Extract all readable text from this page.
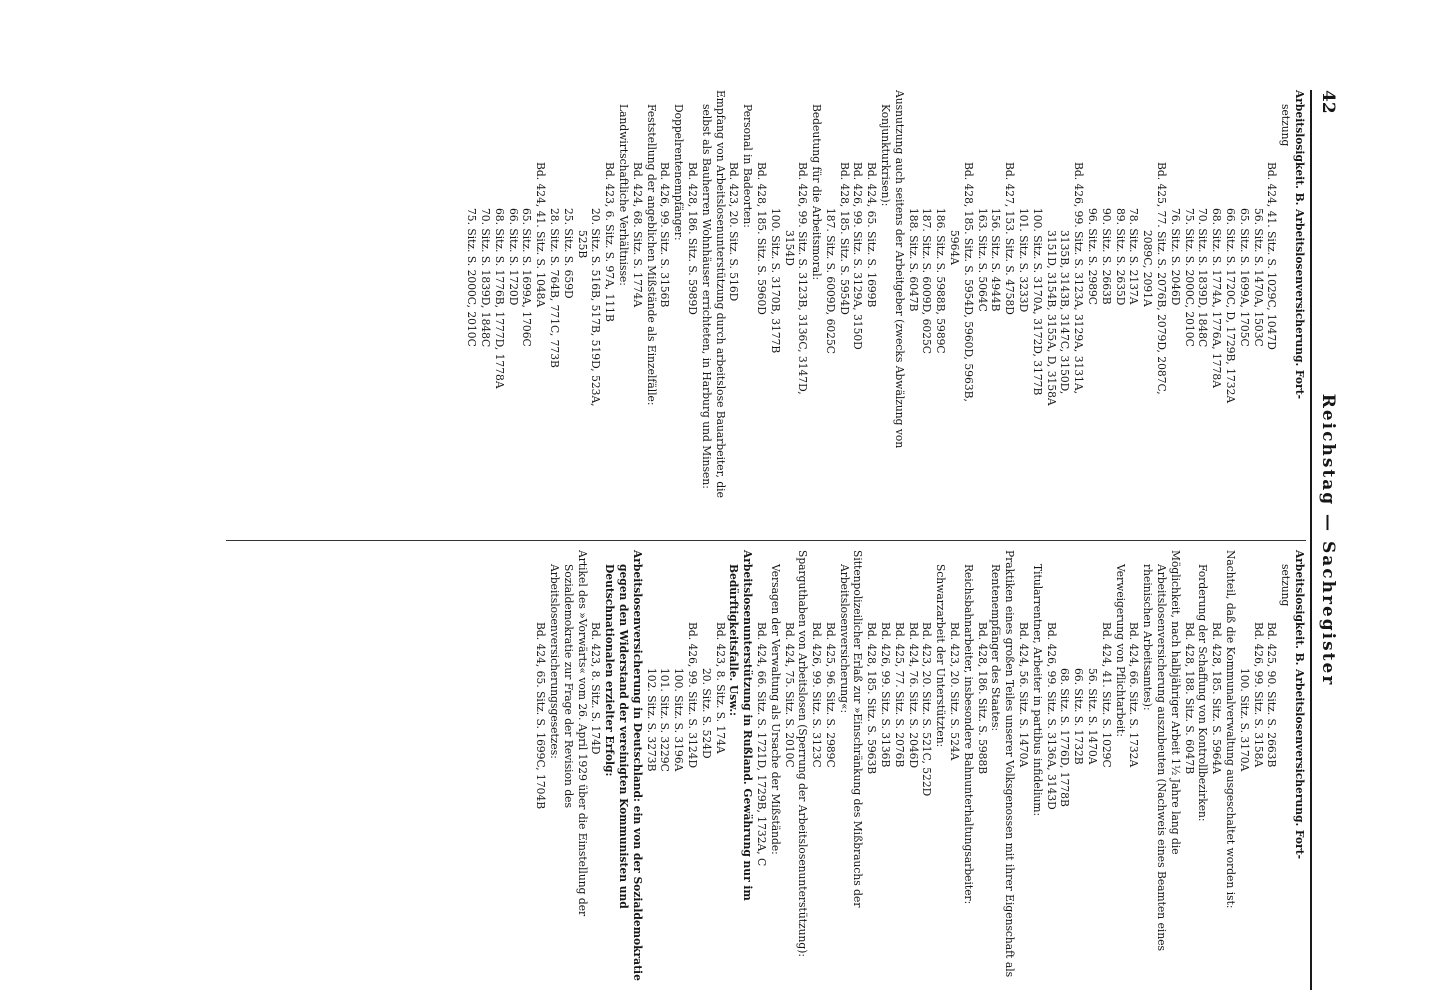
42
Reichstag — Sachregister
Arbeitslosigkeit. B. Arbeitslosenversicherung. Fort-
setzung
Bd. 424, 41. Sitz. S. 1029C, 1047D
56. Sitz. S. 1470A, 1503C
65. Sitz. S. 1699A, 1705C
66. Sitz. S. 1720C, D, 1729B, 1732A
68. Sitz. S. 1774A, 1776A, 1778A
70. Sitz. S. 1839D, 1848C
75. Sitz. S. 2000C, 2010C
76. Sitz. S. 2046D
Bd. 425, 77. Sitz. S. 2076B, 2079D, 2087C,
2089C, 2091A
78. Sitz. S. 2137A
89. Sitz. S. 2635D
90. Sitz. S. 2663B
96. Sitz. S. 2989C
Bd. 426, 99. Sitz. S. 3123A, 3129A, 3131A,
3135B, 3143B, 3147C, 3150D,
3151D, 3154B, 3155A, D, 3158A
100. Sitz. S. 3170A, 3172D, 3177B
101. Sitz. S. 3233D
Bd. 427, 153. Sitz. S. 4758D
156. Sitz. S. 4944B
163. Sitz. S. 5064C
Bd. 428, 185. Sitz. S. 5954D, 5960D, 5963B,
5964A
186. Sitz. S. 5988B, 5989C
187. Sitz. S. 6009D, 6025C
188. Sitz. S. 6047B
Ausnutzung auch seitens der Arbeitgeber (zwecks Abwälzung von Konjunkturkrisen):
Bd. 424, 65. Sitz. S. 1699B
Bd. 426, 99. Sitz. S. 3129A, 3150D
Bd. 428, 185. Sitz. S. 5954D
187. Sitz. S. 6009D, 6025C
Bedeutung für die Arbeitsmoral:
Bd. 426, 99. Sitz. S. 3123B, 3136C, 3147D,
3154D
100. Sitz. S. 3170B, 3177B
Bd. 428, 185. Sitz. S. 5960D
Personal in Badeorten:
Bd. 423, 20. Sitz. S. 516D
Empfang von Arbeitslosenunterstützung durch arbeitslose Bauarbeiter, die selbst als Bauherren Wohnhäuser errichteten, in Harburg und Minsen:
Bd. 428, 186. Sitz. S. 5989D
Doppelrentenempfänger:
Bd. 426, 99. Sitz. S. 3156B
Feststellung der angeblichen Mißstände als Einzelfälle:
Bd. 424, 68. Sitz. S. 1774A
Landwirtschaftliche Verhältnisse:
Bd. 423, 6. Sitz. S. 97A, 111B
20. Sitz. S. 516B, 517B, 519D, 523A,
525B
25. Sitz. S. 659D
28. Sitz. S. 764B, 771C, 773B
Bd. 424, 41. Sitz. S. 1048A
65. Sitz. S. 1699A, 1706C
66. Sitz. S. 1720D
68. Sitz. S. 1776B, 1777D, 1778A
70. Sitz. S. 1839D, 1848C
75. Sitz. S. 2000C, 2010C
Arbeitslosigkeit. B. Arbeitslosenversicherung. Fort-
setzung
Bd. 425, 90. Sitz. S. 2663B
Bd. 426, 99. Sitz. S. 3158A
100. Sitz. S. 3170A
Nachteil, daß die Kommunalverwaltung ausgeschaltet worden ist:
Bd. 428, 185. Sitz. S. 5964A
Forderung der Schaffung von Kontrollbezirken:
Bd. 428, 188. Sitz. S. 6047B
Möglichkeit, nach halbjähriger Arbeit 1½ Jahre lang die Arbeitslosenversicherung auszubeuten (Nachweis eines Beamten eines rheinischen Arbeitsamtes):
Bd. 424, 66. Sitz. S. 1732A
Verweigerung von Pflichtarbeit:
Bd. 424, 41. Sitz. S. 1029C
56. Sitz. S. 1470A
66. Sitz. S. 1732B
68. Sitz. S. 1776D, 1778B
Bd. 426, 99. Sitz. S. 3136A, 3143D
Titularrentner, Arbeiter in partibus infidelium:
Bd. 424, 56. Sitz. S. 1470A
Praktiken eines großen Teiles unserer Volksgenossen mit ihrer Eigenschaft als Rentenempfänger des Staates:
Bd. 428, 186. Sitz. S. 5988B
Reichsbahnarbeiter, insbesondere Bahnunterhaltungsarbeiter:
Bd. 423, 20. Sitz. S. 524A
Schwarzarbeit der Unterstützten:
Bd. 423, 20. Sitz. S. 521C, 522D
Bd. 424, 76. Sitz. S. 2046D
Bd. 425, 77. Sitz. S. 2076B
Bd. 426, 99. Sitz. S. 3136B
Bd. 428, 185. Sitz. S. 5963B
Sittenpolizeilicher Erlaß zur »Einschränkung des Mißbrauchs der Arbeitslosenversicherung«:
Bd. 425, 96. Sitz. S. 2989C
Bd. 426, 99. Sitz. S. 3123C
Sparguthaben von Arbeitslosen (Sperrung der Arbeitslosenunterstützung):
Bd. 424, 75. Sitz. S. 2010C
Versagen der Verwaltung als Ursache der Mißstände:
Bd. 424, 66. Sitz. S. 1721D, 1729B, 1732A, C
Arbeitslosenunterstützung in Rußland. Gewährung nur im Bedürftigkeitsfalle. Usw.:
Bd. 423, 8. Sitz. S. 174A
20. Sitz. S. 524D
Bd. 426, 99. Sitz. S. 3124D
100. Sitz. S. 3196A
101. Sitz. S. 3229C
102. Sitz. S. 3273B
Arbeitslosenversicherung in Deutschland: ein von der Sozialdemokratie gegen den Widerstand der vereinigten Kommunisten und Deutschnationalen erzielter Erfolg:
Bd. 423, 8. Sitz. S. 174D
Artikel des »Vorwärts« vom 26. April 1929 über die Einstellung der Sozialdemokratie zur Frage der Revision des Arbeitslosenversicherungsgesetzes:
Bd. 424, 65. Sitz. S. 1699C, 1704B
